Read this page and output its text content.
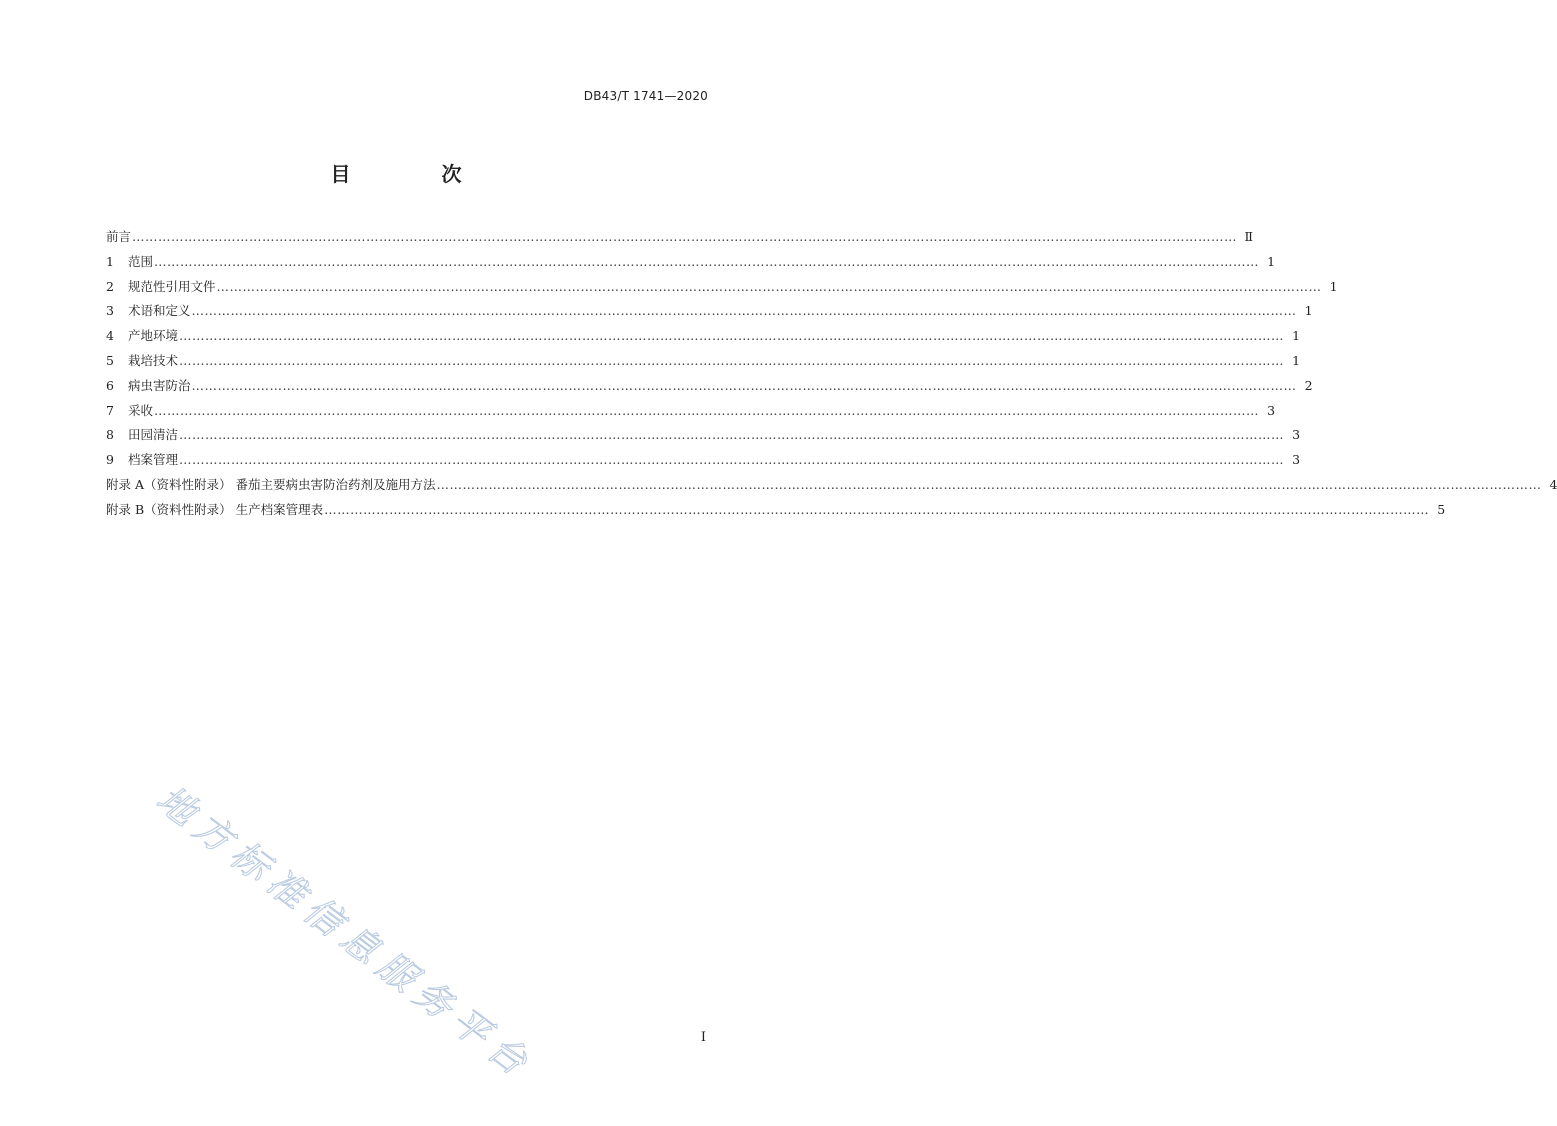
DB43/T 1741—2020
目 次
前言 ………………………………………………………………………………………………………………………………………………………………………………………………………………………………… Ⅱ
1	范围 ………………………………………………………………………………………………………………………………………………………………………………………………………………………………… 1
2	规范性引用文件 ………………………………………………………………………………………………………………………………………………………………………………………………………………………………… 1
3	术语和定义 ………………………………………………………………………………………………………………………………………………………………………………………………………………………………… 1
4	产地环境 ………………………………………………………………………………………………………………………………………………………………………………………………………………………………… 1
5	栽培技术 ………………………………………………………………………………………………………………………………………………………………………………………………………………………………… 1
6	病虫害防治 ………………………………………………………………………………………………………………………………………………………………………………………………………………………………… 2
7	采收 ………………………………………………………………………………………………………………………………………………………………………………………………………………………………… 3
8	田园清洁 ………………………………………………………………………………………………………………………………………………………………………………………………………………………………… 3
9	档案管理 ………………………………………………………………………………………………………………………………………………………………………………………………………………………………… 3
附录 A（资料性附录） 番茄主要病虫害防治药剂及施用方法 ………………………………………………………………………………………………………………………………………………………………………………………………………………………………… 4
附录 B（资料性附录） 生产档案管理表 ………………………………………………………………………………………………………………………………………………………………………………………………………………………………… 5
地方标准信息服务平台	I
